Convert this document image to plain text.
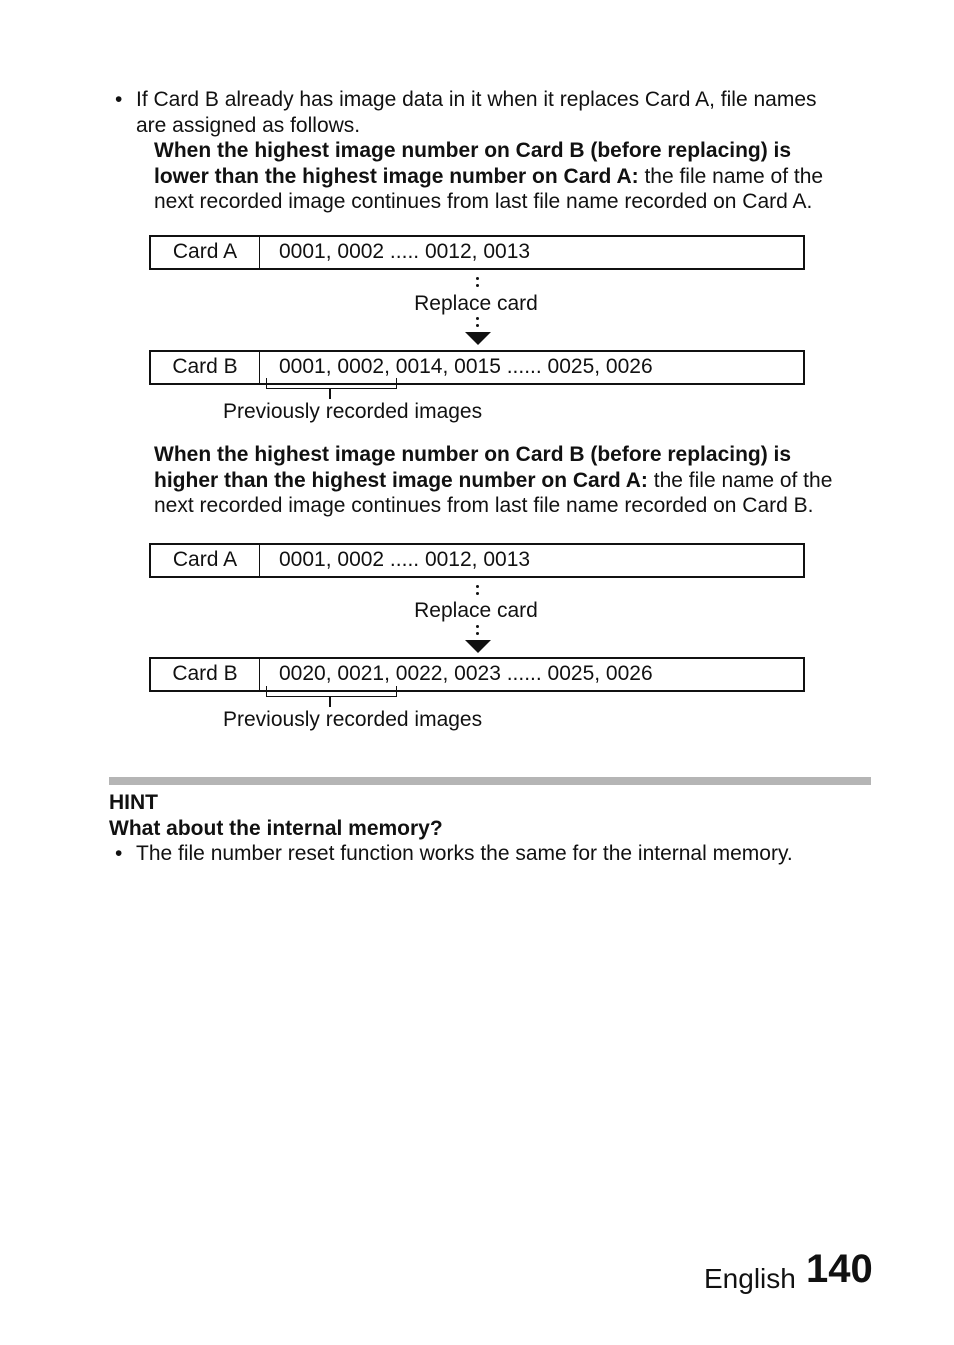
• If Card B already has image data in it when it replaces Card A, file names
are assigned as follows.
When the highest image number on Card B (before replacing) is
lower than the highest image number on Card A: the file name of the
next recorded image continues from last file name recorded on Card A.
Card A	0001, 0002 ..... 0012, 0013
Replace card
Card B	0001, 0002, 0014, 0015 ...... 0025, 0026
Previously recorded images
When the highest image number on Card B (before replacing) is
higher than the highest image number on Card A: the file name of the
next recorded image continues from last file name recorded on Card B.
Card A	0001, 0002 ..... 0012, 0013
Replace card
Card B	0020, 0021, 0022, 0023 ...... 0025, 0026
Previously recorded images
HINT
What about the internal memory?
• The file number reset function works the same for the internal memory.
English 140
